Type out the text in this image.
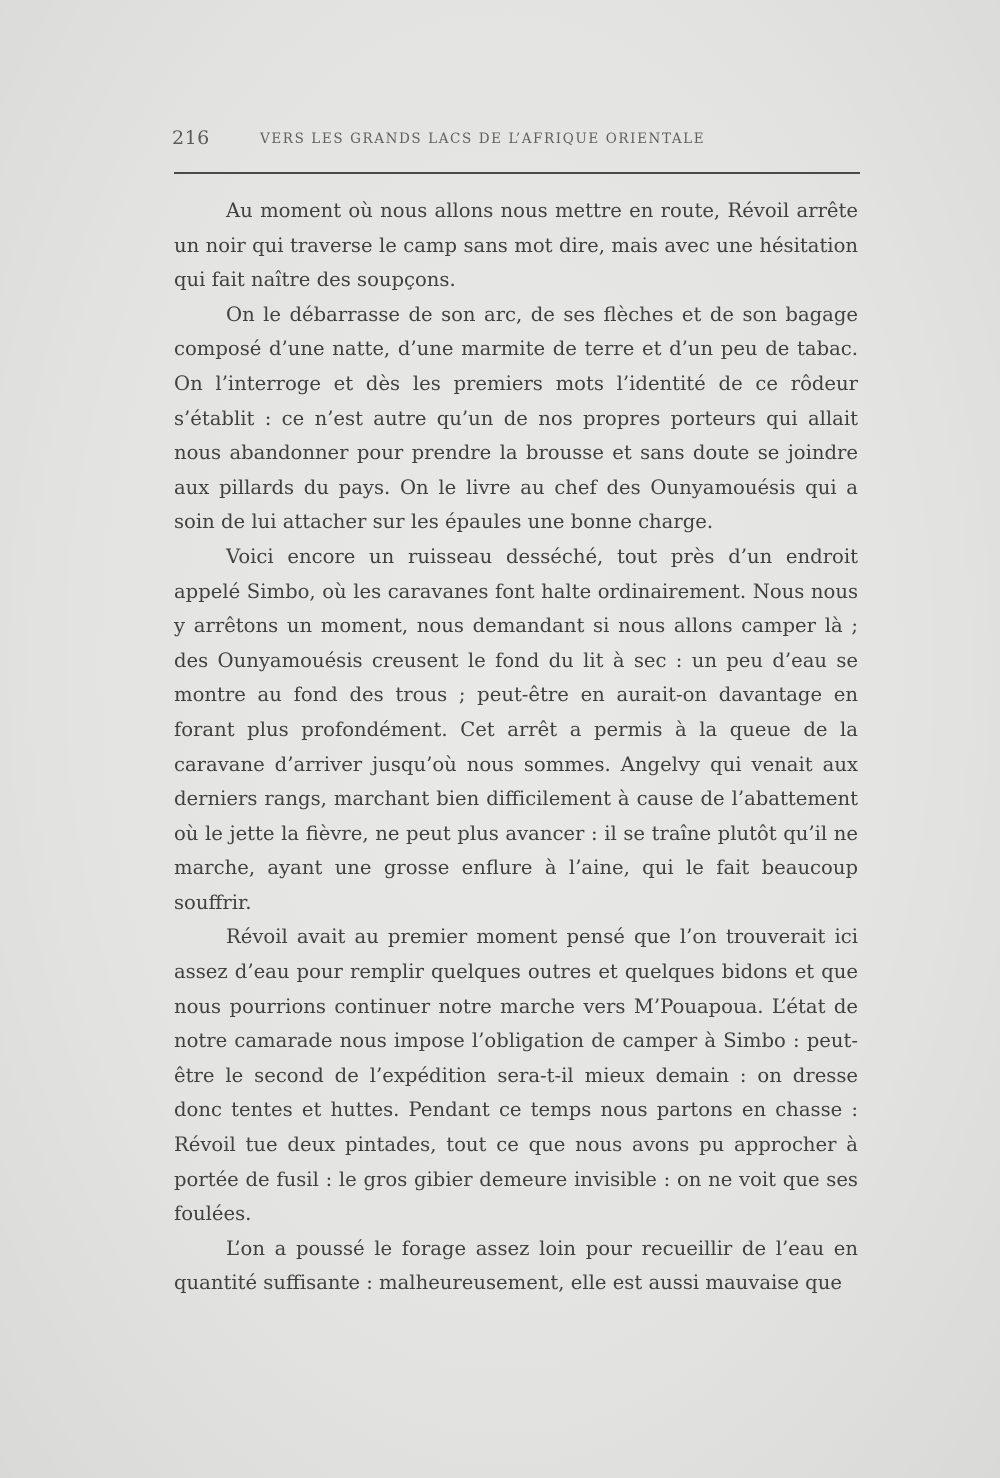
216	VERS LES GRANDS LACS DE L’AFRIQUE ORIENTALE

Au moment où nous allons nous mettre en route, Révoil arrête un noir qui traverse le camp sans mot dire, mais avec une hésitation qui fait naître des soupçons.

On le débarrasse de son arc, de ses flèches et de son bagage composé d’une natte, d’une marmite de terre et d’un peu de tabac. On l’interroge et dès les premiers mots l’identité de ce rôdeur s’établit : ce n’est autre qu’un de nos propres porteurs qui allait nous abandonner pour prendre la brousse et sans doute se joindre aux pillards du pays. On le livre au chef des Ounyamouésis qui a soin de lui attacher sur les épaules une bonne charge.

Voici encore un ruisseau desséché, tout près d’un endroit appelé Simbo, où les caravanes font halte ordinairement. Nous nous y arrêtons un moment, nous demandant si nous allons camper là ; des Ounyamouésis creusent le fond du lit à sec : un peu d’eau se montre au fond des trous ; peut-être en aurait-on davantage en forant plus profondément. Cet arrêt a permis à la queue de la caravane d’arriver jusqu’où nous sommes. Angelvy qui venait aux derniers rangs, marchant bien difficilement à cause de l’abattement où le jette la fièvre, ne peut plus avancer : il se traîne plutôt qu’il ne marche, ayant une grosse enflure à l’aine, qui le fait beaucoup souffrir.

Révoil avait au premier moment pensé que l’on trouverait ici assez d’eau pour remplir quelques outres et quelques bidons et que nous pourrions continuer notre marche vers M’Pouapoua. L’état de notre camarade nous impose l’obligation de camper à Simbo : peut-être le second de l’expédition sera-t-il mieux demain : on dresse donc tentes et huttes. Pendant ce temps nous partons en chasse : Révoil tue deux pintades, tout ce que nous avons pu approcher à portée de fusil : le gros gibier demeure invisible : on ne voit que ses foulées.

L’on a poussé le forage assez loin pour recueillir de l’eau en quantité suffisante : malheureusement, elle est aussi mauvaise que
